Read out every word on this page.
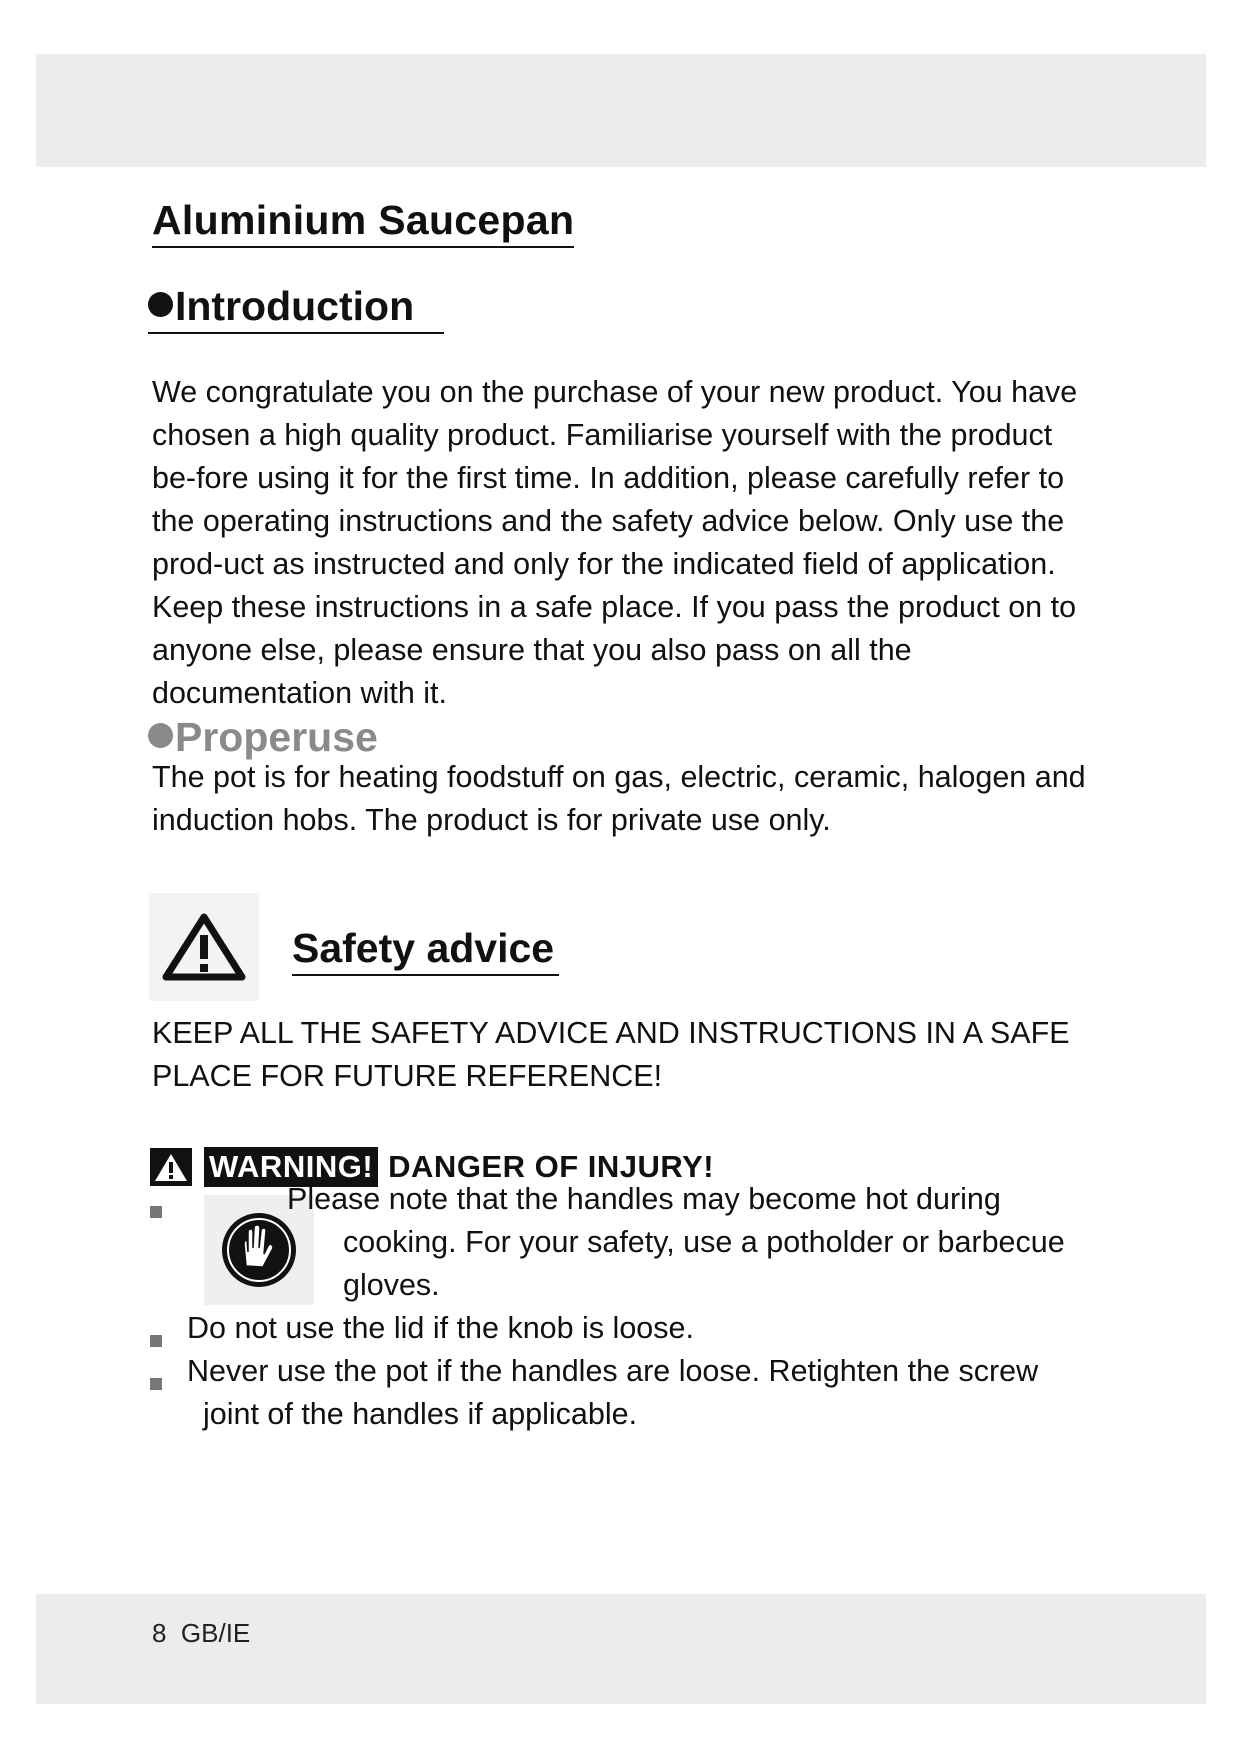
Aluminium Saucepan
Introduction

We congratulate you on the purchase of your new product. You have chosen a high quality product. Familiarise yourself with the product be-fore using it for the first time. In addition, please carefully refer to the operating instructions and the safety advice below. Only use the prod-uct as instructed and only for the indicated field of application. Keep these instructions in a safe place. If you pass the product on to anyone else, please ensure that you also pass on all the documentation with it.

Properuse

The pot is for heating foodstuff on gas, electric, ceramic, halogen and induction hobs. The product is for private use only.

Safety advice

KEEP ALL THE SAFETY ADVICE AND INSTRUCTIONS IN A SAFE PLACE FOR FUTURE REFERENCE!

WARNING! DANGER OF INJURY!

Please note that the handles may become hot during

cooking. For your safety, use a potholder or barbecue

gloves.

Do not use the lid if the knob is loose.

Never use the pot if the handles are loose. Retighten the screw

joint of the handles if applicable.

8  GB/IE
